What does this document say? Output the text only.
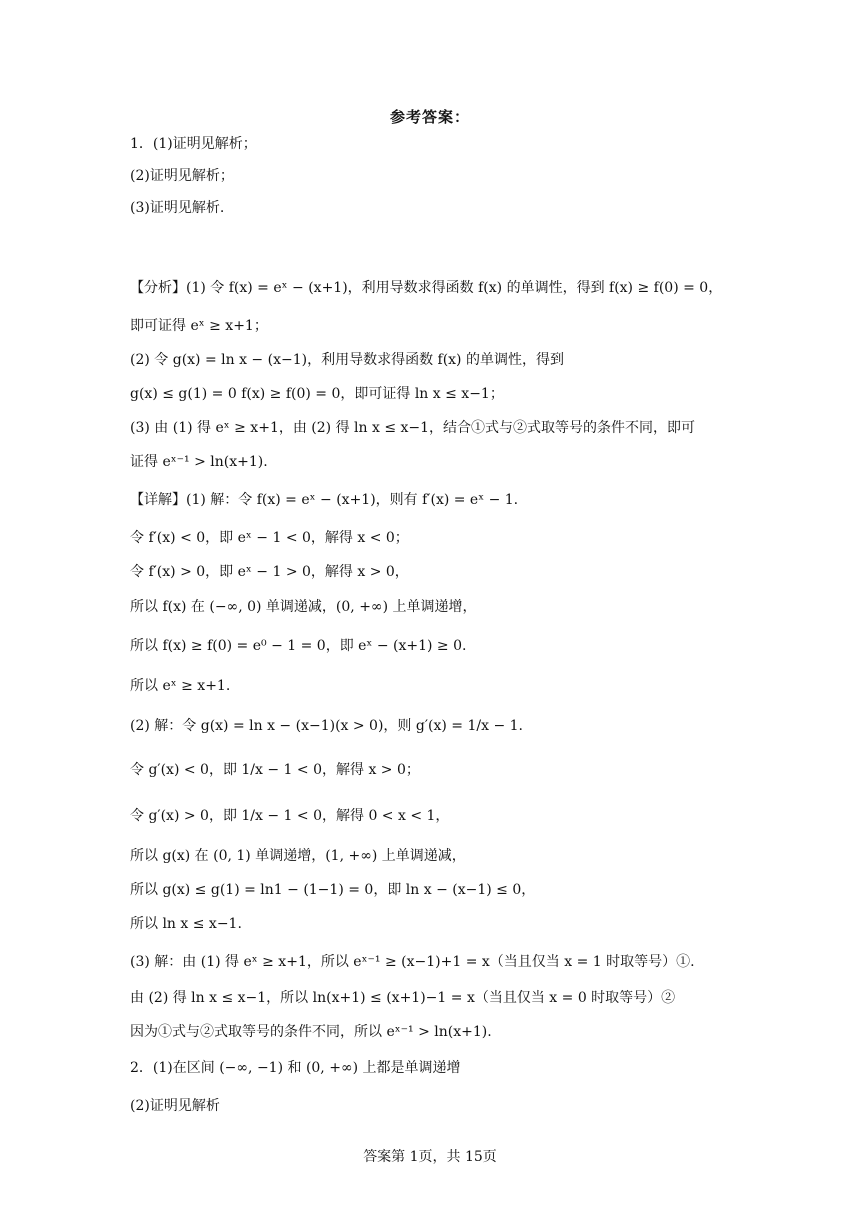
参考答案：
1．(1)证明见解析；
(2)证明见解析；
(3)证明见解析.
【分析】(1) 令 f(x) = eˣ − (x+1)，利用导数求得函数 f(x) 的单调性，得到 f(x) ≥ f(0) = 0，
即可证得 eˣ ≥ x+1；
(2) 令 g(x) = ln x − (x−1)，利用导数求得函数 f(x) 的单调性，得到
g(x) ≤ g(1) = 0 f(x) ≥ f(0) = 0，即可证得 ln x ≤ x−1；
(3) 由 (1) 得 eˣ ≥ x+1，由 (2) 得 ln x ≤ x−1，结合①式与②式取等号的条件不同，即可
证得 eˣ⁻¹ > ln(x+1).
【详解】(1) 解：令 f(x) = eˣ − (x+1)，则有 f′(x) = eˣ − 1.
令 f′(x) < 0，即 eˣ − 1 < 0，解得 x < 0；
令 f′(x) > 0，即 eˣ − 1 > 0，解得 x > 0，
所以 f(x) 在 (−∞, 0) 单调递减，(0, +∞) 上单调递增，
所以 f(x) ≥ f(0) = e⁰ − 1 = 0，即 eˣ − (x+1) ≥ 0.
所以 eˣ ≥ x+1.
(2) 解：令 g(x) = ln x − (x−1)(x > 0)，则 g′(x) = 1/x − 1.
令 g′(x) < 0，即 1/x − 1 < 0，解得 x > 0；
令 g′(x) > 0，即 1/x − 1 < 0，解得 0 < x < 1，
所以 g(x) 在 (0, 1) 单调递增，(1, +∞) 上单调递减，
所以 g(x) ≤ g(1) = ln1 − (1−1) = 0，即 ln x − (x−1) ≤ 0，
所以 ln x ≤ x−1.
(3) 解：由 (1) 得 eˣ ≥ x+1，所以 eˣ⁻¹ ≥ (x−1)+1 = x（当且仅当 x = 1 时取等号）①.
由 (2) 得 ln x ≤ x−1，所以 ln(x+1) ≤ (x+1)−1 = x（当且仅当 x = 0 时取等号）②
因为①式与②式取等号的条件不同，所以 eˣ⁻¹ > ln(x+1).
2．(1)在区间 (−∞, −1) 和 (0, +∞) 上都是单调递增
(2)证明见解析
答案第 1页，共 15页
